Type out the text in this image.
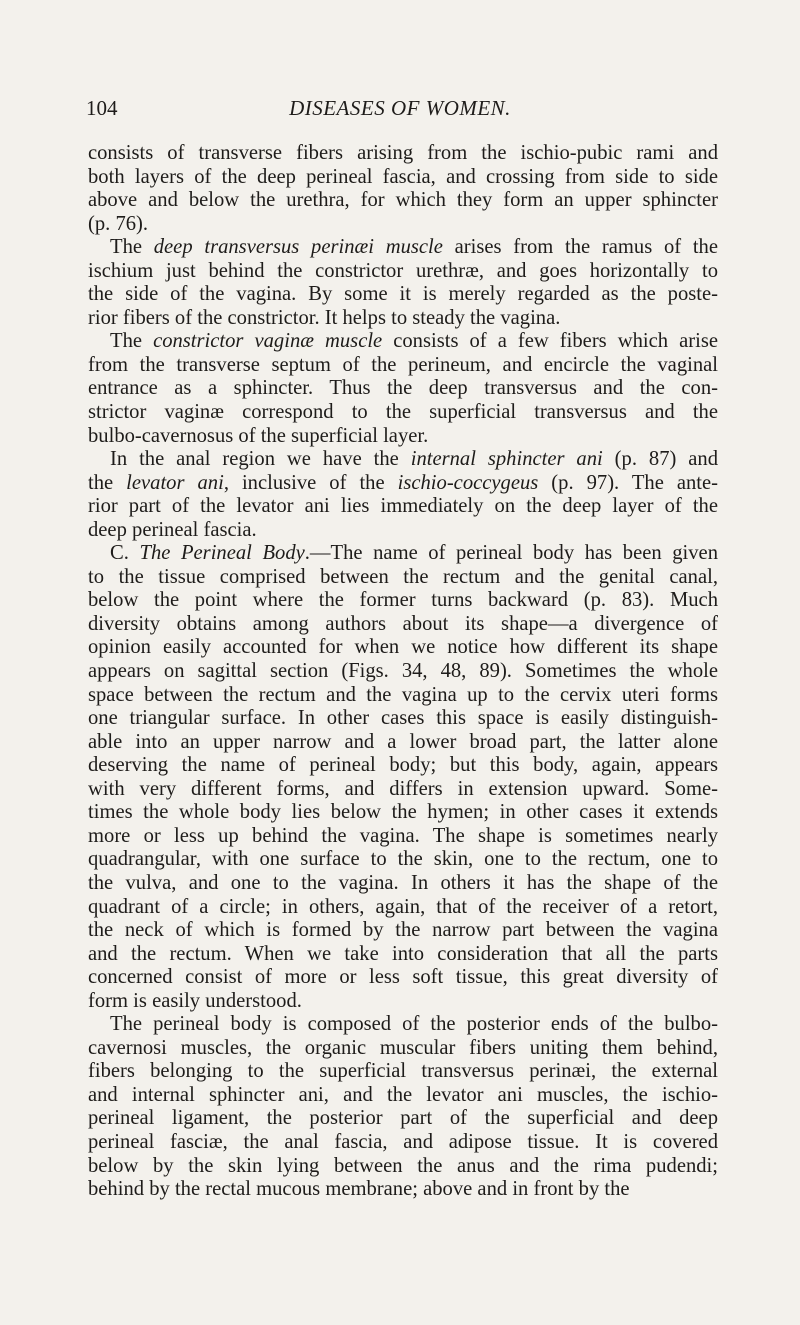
104	DISEASES OF WOMEN.
consists of transverse fibers arising from the ischio-pubic rami and
both layers of the deep perineal fascia, and crossing from side to side
above and below the urethra, for which they form an upper sphincter
(p. 76).
The deep transversus perinæi muscle arises from the ramus of the
ischium just behind the constrictor urethræ, and goes horizontally to
the side of the vagina. By some it is merely regarded as the poste-
rior fibers of the constrictor. It helps to steady the vagina.
The constrictor vaginæ muscle consists of a few fibers which arise
from the transverse septum of the perineum, and encircle the vaginal
entrance as a sphincter. Thus the deep transversus and the con-
strictor vaginæ correspond to the superficial transversus and the
bulbo-cavernosus of the superficial layer.
In the anal region we have the internal sphincter ani (p. 87) and
the levator ani, inclusive of the ischio-coccygeus (p. 97). The ante-
rior part of the levator ani lies immediately on the deep layer of the
deep perineal fascia.
C. The Perineal Body.—The name of perineal body has been given
to the tissue comprised between the rectum and the genital canal,
below the point where the former turns backward (p. 83). Much
diversity obtains among authors about its shape—a divergence of
opinion easily accounted for when we notice how different its shape
appears on sagittal section (Figs. 34, 48, 89). Sometimes the whole
space between the rectum and the vagina up to the cervix uteri forms
one triangular surface. In other cases this space is easily distinguish-
able into an upper narrow and a lower broad part, the latter alone
deserving the name of perineal body; but this body, again, appears
with very different forms, and differs in extension upward. Some-
times the whole body lies below the hymen; in other cases it extends
more or less up behind the vagina. The shape is sometimes nearly
quadrangular, with one surface to the skin, one to the rectum, one to
the vulva, and one to the vagina. In others it has the shape of the
quadrant of a circle; in others, again, that of the receiver of a retort,
the neck of which is formed by the narrow part between the vagina
and the rectum. When we take into consideration that all the parts
concerned consist of more or less soft tissue, this great diversity of
form is easily understood.
The perineal body is composed of the posterior ends of the bulbo-
cavernosi muscles, the organic muscular fibers uniting them behind,
fibers belonging to the superficial transversus perinæi, the external
and internal sphincter ani, and the levator ani muscles, the ischio-
perineal ligament, the posterior part of the superficial and deep
perineal fasciæ, the anal fascia, and adipose tissue. It is covered
below by the skin lying between the anus and the rima pudendi;
behind by the rectal mucous membrane; above and in front by the
